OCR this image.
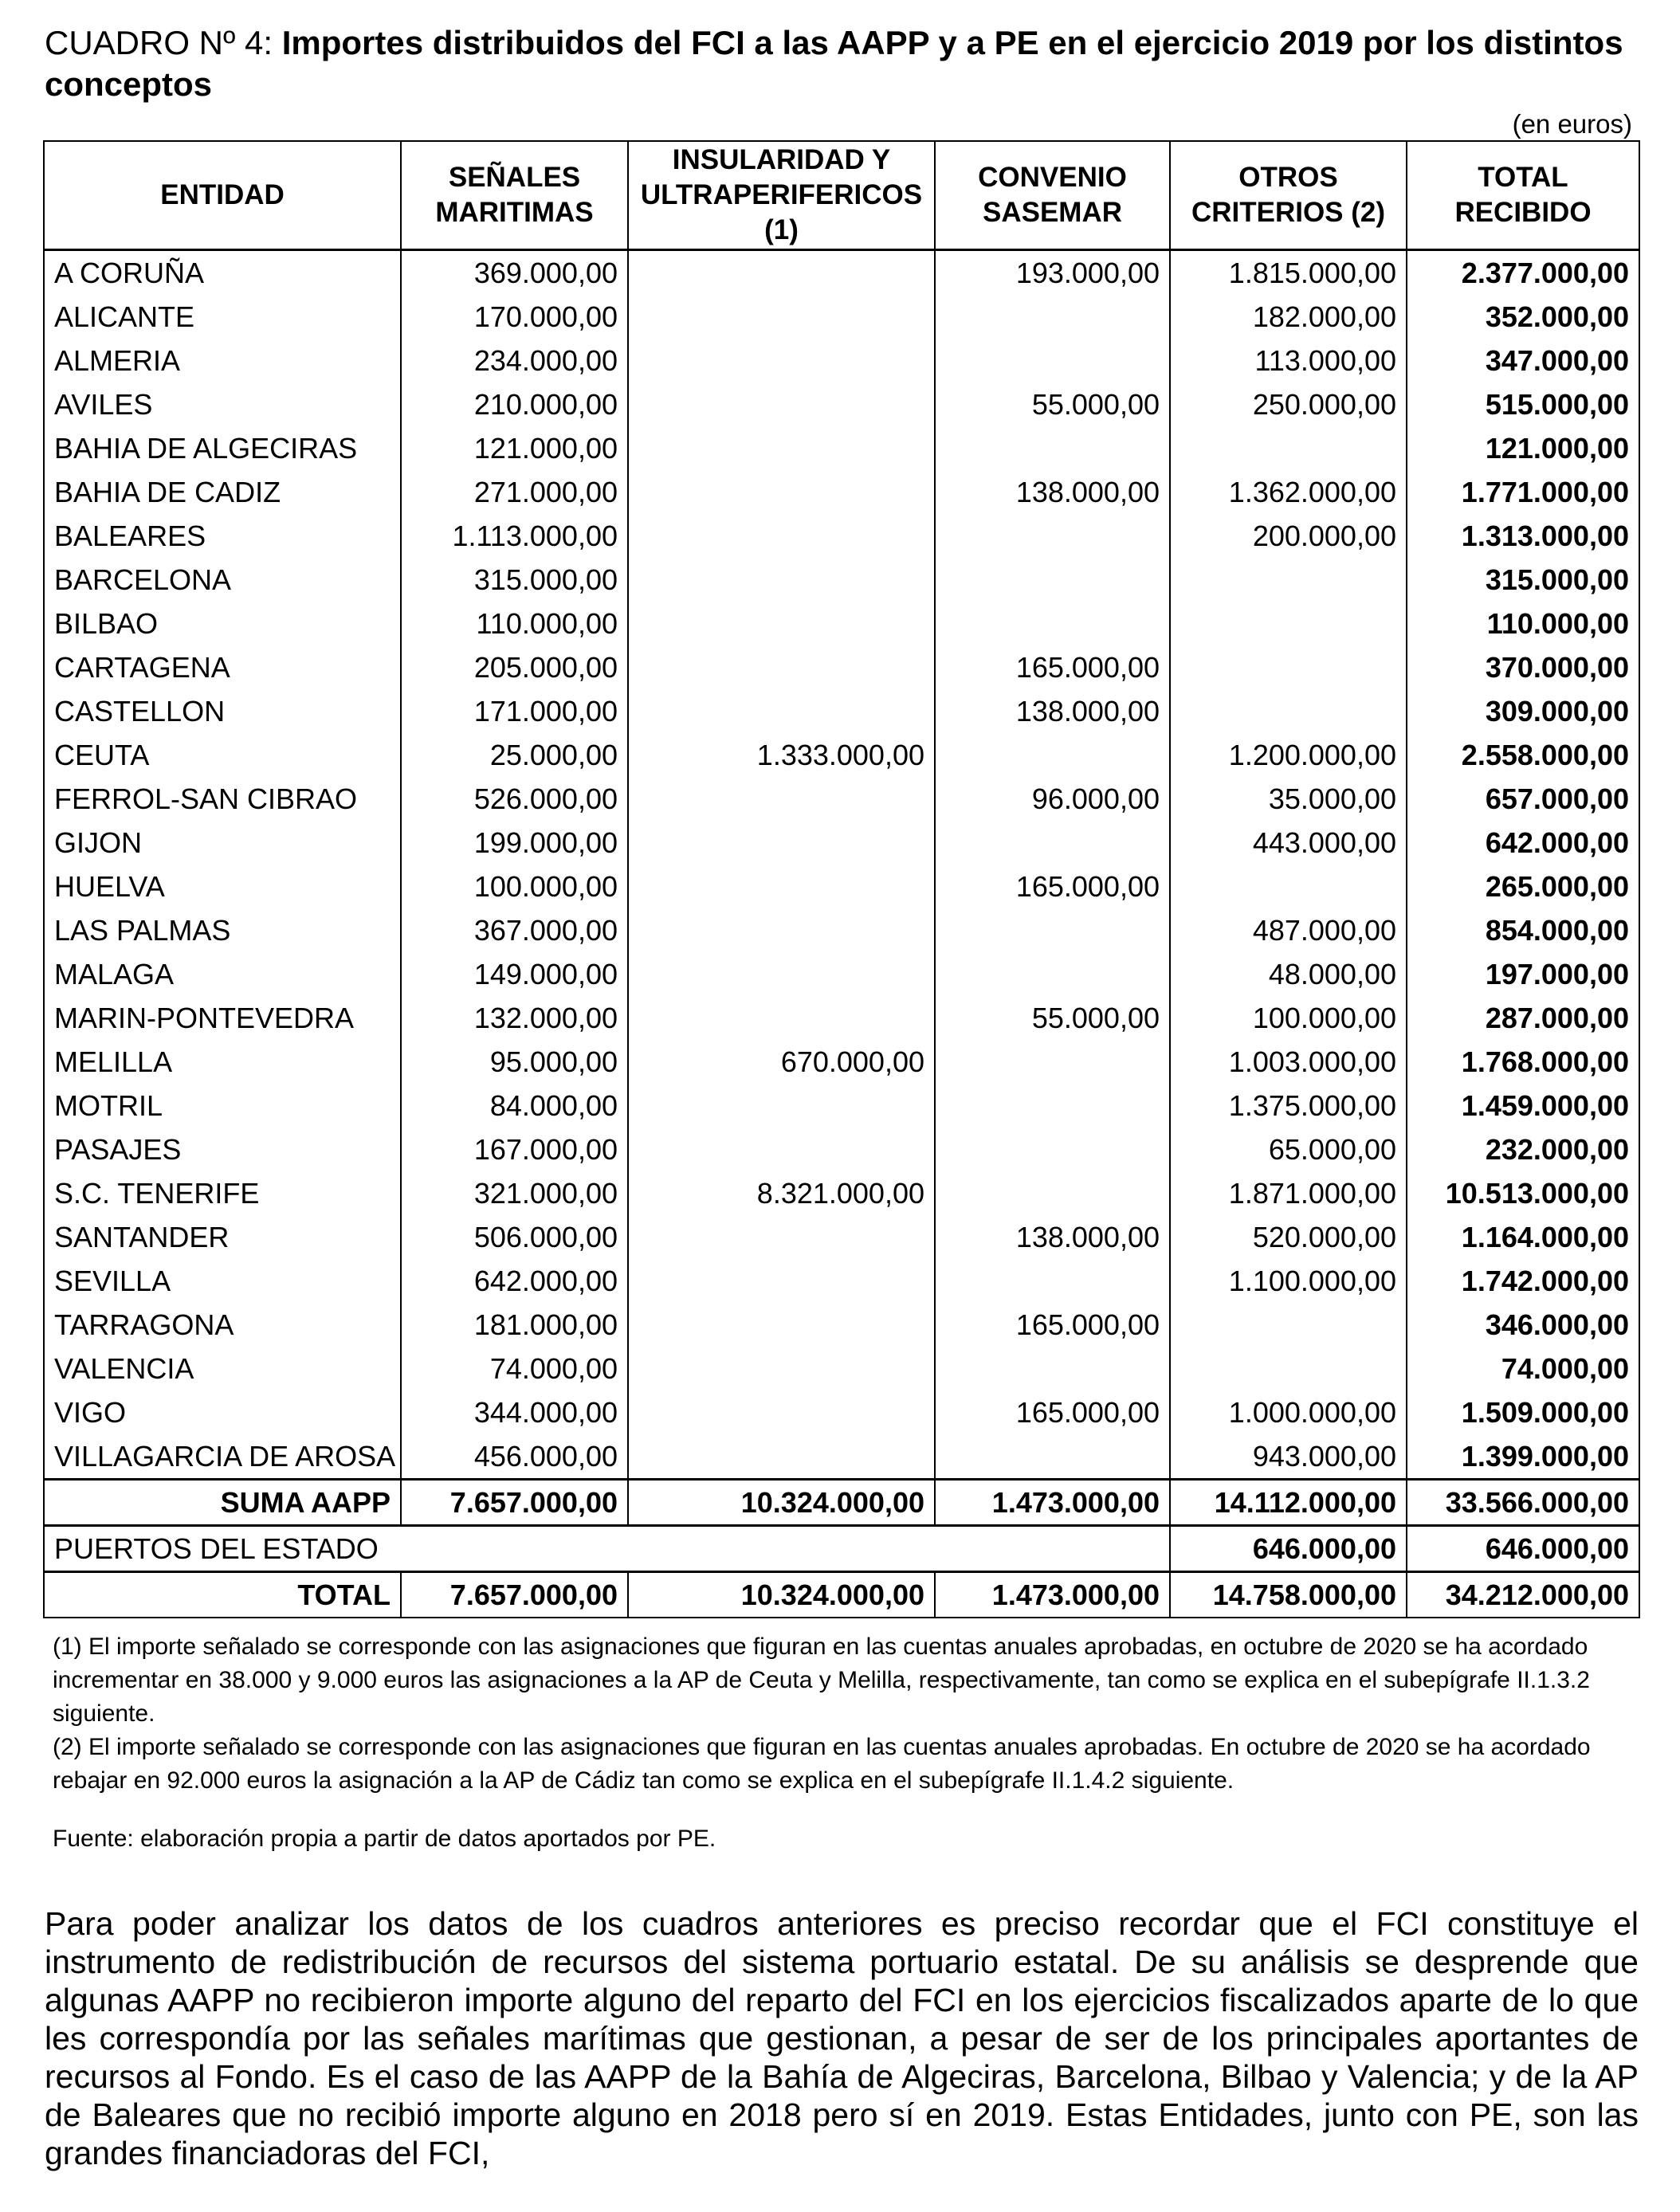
CUADRO Nº 4: Importes distribuidos del FCI a las AAPP y a PE en el ejercicio 2019 por los distintos conceptos
(en euros)
ENTIDAD	SEÑALES MARITIMAS	INSULARIDAD Y ULTRAPERIFERICOS (1)	CONVENIO SASEMAR	OTROS CRITERIOS (2)	TOTAL RECIBIDO
A CORUÑA	369.000,00		193.000,00	1.815.000,00	2.377.000,00
ALICANTE	170.000,00			182.000,00	352.000,00
ALMERIA	234.000,00			113.000,00	347.000,00
AVILES	210.000,00		55.000,00	250.000,00	515.000,00
BAHIA DE ALGECIRAS	121.000,00				121.000,00
BAHIA DE CADIZ	271.000,00		138.000,00	1.362.000,00	1.771.000,00
BALEARES	1.113.000,00			200.000,00	1.313.000,00
BARCELONA	315.000,00				315.000,00
BILBAO	110.000,00				110.000,00
CARTAGENA	205.000,00		165.000,00		370.000,00
CASTELLON	171.000,00		138.000,00		309.000,00
CEUTA	25.000,00	1.333.000,00		1.200.000,00	2.558.000,00
FERROL-SAN CIBRAO	526.000,00		96.000,00	35.000,00	657.000,00
GIJON	199.000,00			443.000,00	642.000,00
HUELVA	100.000,00		165.000,00		265.000,00
LAS PALMAS	367.000,00			487.000,00	854.000,00
MALAGA	149.000,00			48.000,00	197.000,00
MARIN-PONTEVEDRA	132.000,00		55.000,00	100.000,00	287.000,00
MELILLA	95.000,00	670.000,00		1.003.000,00	1.768.000,00
MOTRIL	84.000,00			1.375.000,00	1.459.000,00
PASAJES	167.000,00			65.000,00	232.000,00
S.C. TENERIFE	321.000,00	8.321.000,00		1.871.000,00	10.513.000,00
SANTANDER	506.000,00		138.000,00	520.000,00	1.164.000,00
SEVILLA	642.000,00			1.100.000,00	1.742.000,00
TARRAGONA	181.000,00		165.000,00		346.000,00
VALENCIA	74.000,00				74.000,00
VIGO	344.000,00		165.000,00	1.000.000,00	1.509.000,00
VILLAGARCIA DE AROSA	456.000,00			943.000,00	1.399.000,00
SUMA AAPP	7.657.000,00	10.324.000,00	1.473.000,00	14.112.000,00	33.566.000,00
PUERTOS DEL ESTADO				646.000,00	646.000,00
TOTAL	7.657.000,00	10.324.000,00	1.473.000,00	14.758.000,00	34.212.000,00

(1) El importe señalado se corresponde con las asignaciones que figuran en las cuentas anuales aprobadas, en octubre de 2020 se ha acordado incrementar en 38.000 y 9.000 euros las asignaciones a la AP de Ceuta y Melilla, respectivamente, tan como se explica en el subepígrafe II.1.3.2 siguiente.

(2) El importe señalado se corresponde con las asignaciones que figuran en las cuentas anuales aprobadas. En octubre de 2020 se ha acordado rebajar en 92.000 euros la asignación a la AP de Cádiz tan como se explica en el subepígrafe II.1.4.2 siguiente.

Fuente: elaboración propia a partir de datos aportados por PE.
Para poder analizar los datos de los cuadros anteriores es preciso recordar que el FCI constituye el instrumento de redistribución de recursos del sistema portuario estatal. De su análisis se desprende que algunas AAPP no recibieron importe alguno del reparto del FCI en los ejercicios fiscalizados aparte de lo que les correspondía por las señales marítimas que gestionan, a pesar de ser de los principales aportantes de recursos al Fondo. Es el caso de las AAPP de la Bahía de Algeciras, Barcelona, Bilbao y Valencia; y de la AP de Baleares que no recibió importe alguno en 2018 pero sí en 2019. Estas Entidades, junto con PE, son las grandes financiadoras del FCI,
